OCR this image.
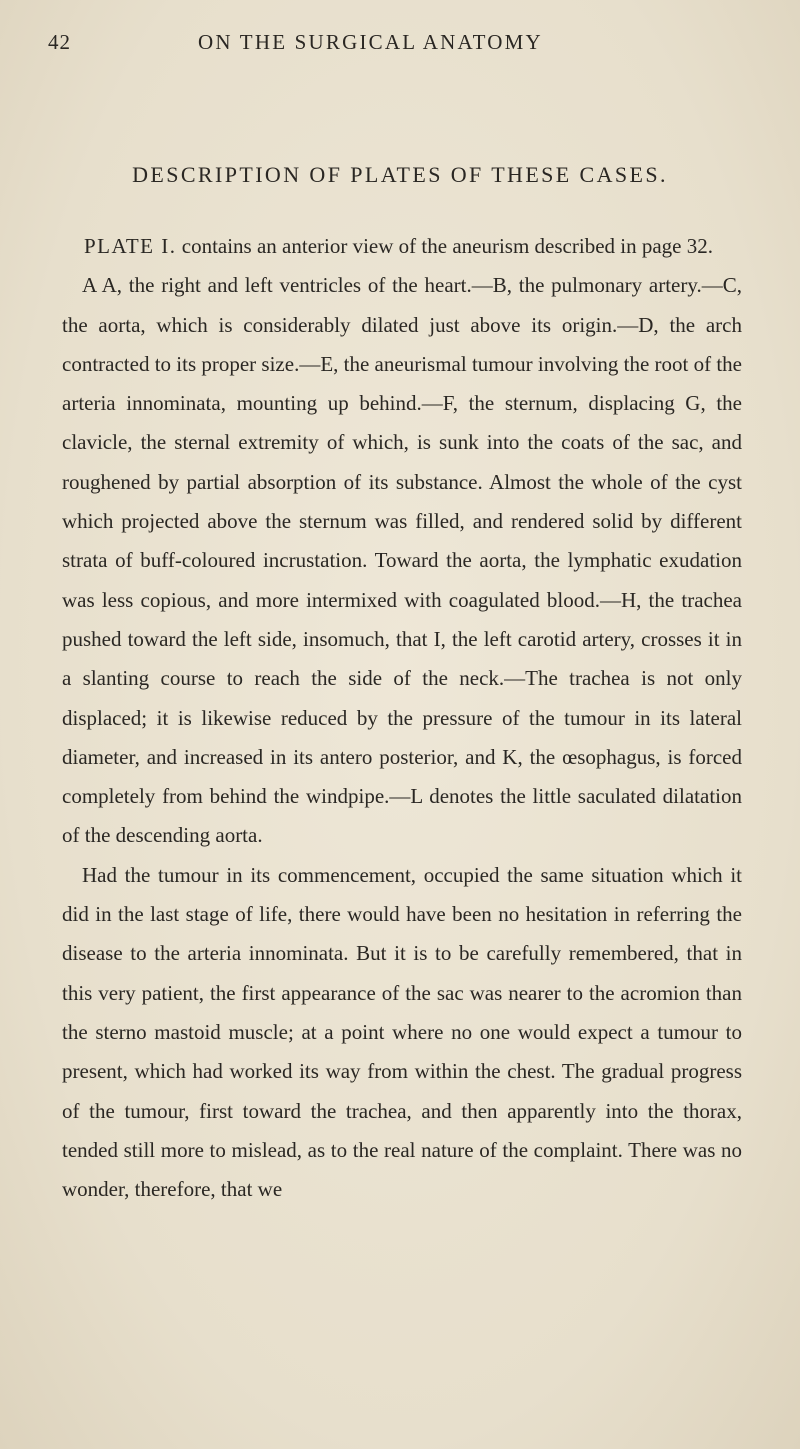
42	ON THE SURGICAL ANATOMY
DESCRIPTION OF PLATES OF THESE CASES.

PLATE I. contains an anterior view of the aneurism described in page 32.

A A, the right and left ventricles of the heart.—B, the pulmonary artery.—C, the aorta, which is considerably dilated just above its origin.—D, the arch contracted to its proper size.—E, the aneurismal tumour involving the root of the arteria innominata, mounting up behind.—F, the sternum, displacing G, the clavicle, the sternal extremity of which, is sunk into the coats of the sac, and roughened by partial absorption of its substance. Almost the whole of the cyst which projected above the sternum was filled, and rendered solid by different strata of buff-coloured incrustation. Toward the aorta, the lymphatic exudation was less copious, and more intermixed with coagulated blood.—H, the trachea pushed toward the left side, insomuch, that I, the left carotid artery, crosses it in a slanting course to reach the side of the neck.—The trachea is not only displaced; it is likewise reduced by the pressure of the tumour in its lateral diameter, and increased in its antero posterior, and K, the œsophagus, is forced completely from behind the windpipe.—L denotes the little saculated dilatation of the descending aorta.

Had the tumour in its commencement, occupied the same situation which it did in the last stage of life, there would have been no hesitation in referring the disease to the arteria innominata. But it is to be carefully remembered, that in this very patient, the first appearance of the sac was nearer to the acromion than the sterno mastoid muscle; at a point where no one would expect a tumour to present, which had worked its way from within the chest. The gradual progress of the tumour, first toward the trachea, and then apparently into the thorax, tended still more to mislead, as to the real nature of the complaint. There was no wonder, therefore, that we
